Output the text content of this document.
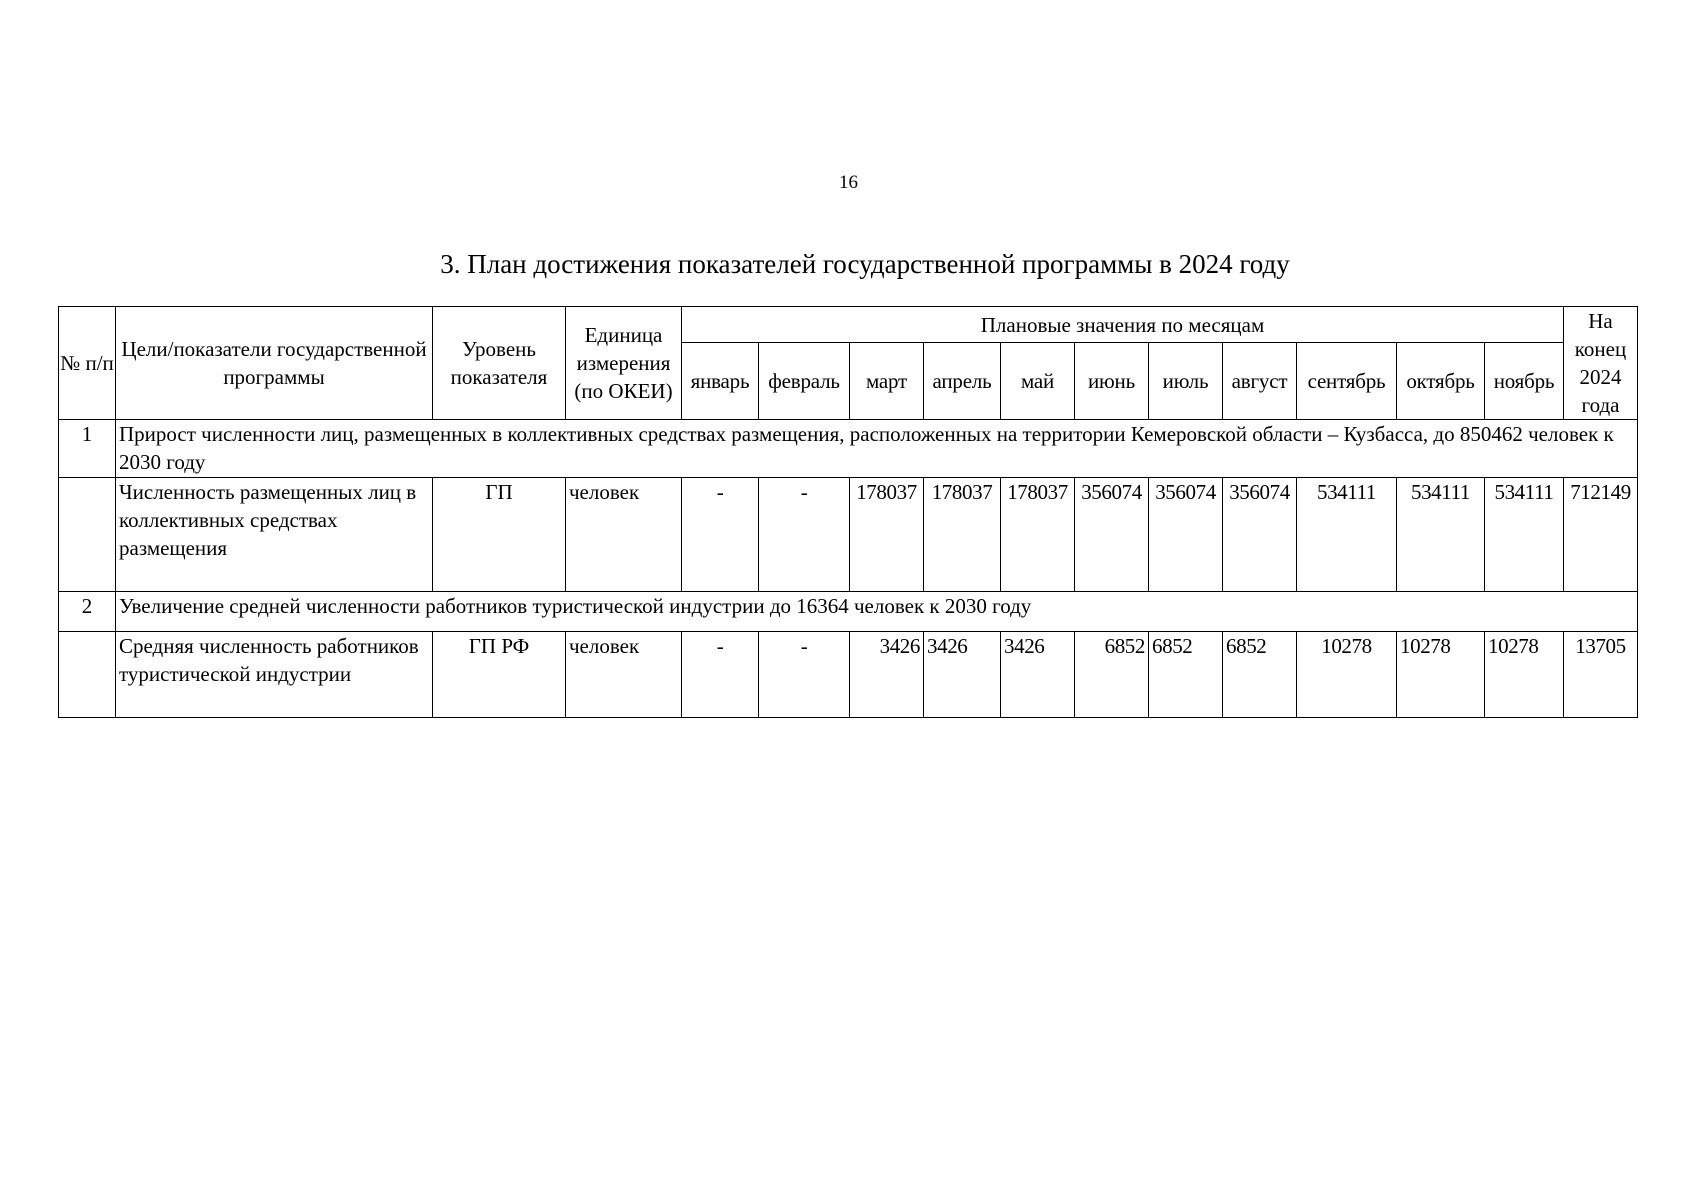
16
3. План достижения показателей государственной программы в 2024 году
№ п/п	Цели/показатели государственной программы	Уровень показателя	Единица измерения (по ОКЕИ)	Плановые значения по месяцам											На конец 2024 года
				январь	февраль	март	апрель	май	июнь	июль	август	сентябрь	октябрь	ноябрь	
1	Прирост численности лиц, размещенных в коллективных средствах размещения, расположенных на территории Кемеровской области – Кузбасса, до 850462 человек к 2030 году														
	Численность размещенных лиц в коллективных средствах размещения	ГП	человек	-	-	178037	178037	178037	356074	356074	356074	534111	534111	534111	712149
2	Увеличение средней численности работников туристической индустрии до 16364 человек к 2030 году														
	Средняя численность работников туристической индустрии	ГП РФ	человек	-	-	3426	3426	3426	6852	6852	6852	10278	10278	10278	13705
